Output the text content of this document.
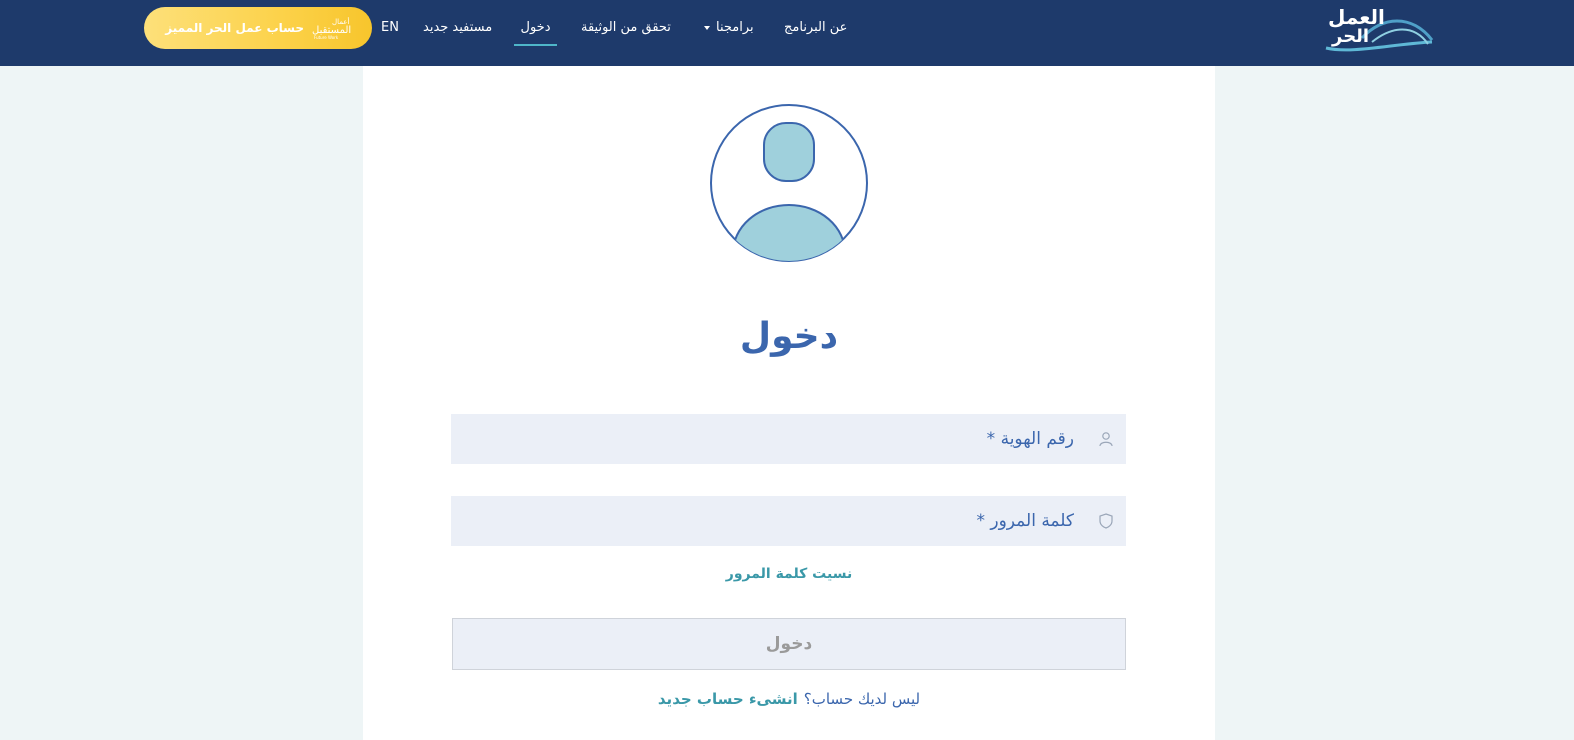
العمل
الحر
عن البرنامج
برامجنا
تحقق من الوثيقة
دخول
مستفيد جديد
EN
حساب عمل الحر المميز	أعمال
المستقبل
Future Work
دخول
رقم الهوية *
نسيت كلمة المرور
دخول
ليس لديك حساب؟انشىء حساب جديد
